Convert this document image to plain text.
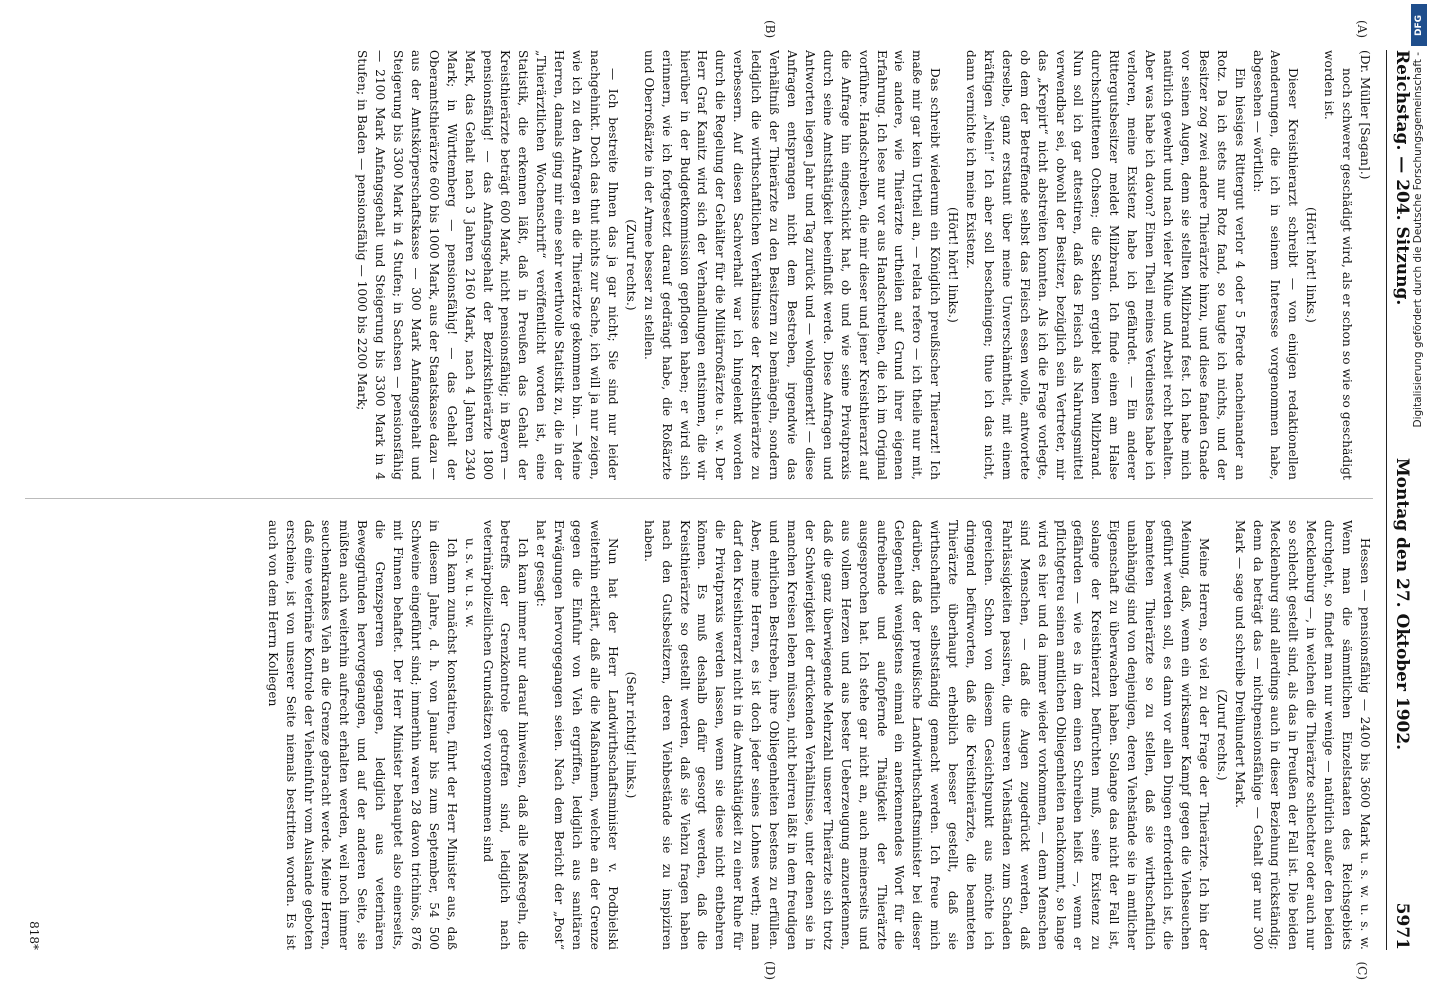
Reichstag. — 204. Sitzung.
Montag den 27. Oktober 1902.
5971
(A)
(B)
(C)
(D)

(Dr. Müller [Sagan].)

noch schwerer geschädigt wird, als er schon so wie so geschädigt worden ist.

(Hört! hört! links.)

Dieser Kreisthierarzt schreibt — von einigen redaktionellen Aenderungen, die ich in seinem Interesse vorgenommen habe, abgesehen — wörtlich:

Ein hiesiges Rittergut verlor 4 oder 5 Pferde nacheinander an Rotz. Da ich stets nur Rotz fand, so taugte ich nichts, und der Besitzer zog zwei andere Thierärzte hinzu, und diese fanden Gnade vor seinen Augen, denn sie stellten Milzbrand fest. Ich habe mich natürlich gewehrt und nach vieler Mühe und Arbeit recht behalten. Aber was habe ich davon? Einen Theil meines Verdienstes habe ich verloren, meine Existenz habe ich gefährdet. — Ein anderer Rittergutsbesitzer meldet Milzbrand. Ich finde einen am Halse durchschnittenen Ochsen; die Sektion ergiebt keinen Milzbrand. Nun soll ich gar attestiren, daß das Fleisch als Nahrungsmittel verwendbar sei, obwohl der Besitzer, bezüglich sein Vertreter, mir das „Krepirt“ nicht abstreiten konnten. Als ich die Frage vorlegte, ob dem der Betreffende selbst das Fleisch essen wolle, antwortete derselbe, ganz erstaunt über meine Unverschämtheit, mit einem kräftigen „Nein!“ Ich aber soll bescheinigen; thue ich das nicht, dann vernichte ich meine Existenz.

(Hört! hört! links.)

Das schreibt wiederum ein Königlich preußischer Thierarzt! Ich maße mir gar kein Urtheil an, — relata refero — ich theile nur mit, wie andere, wie Thierärzte urtheilen auf Grund ihrer eigenen Erfahrung. Ich lese nur vor aus Handschreiben, die ich im Original vorführe. Handschreiben, die mir dieser und jener Kreisthierarzt auf die Anfrage hin eingeschickt hat, ob und wie seine Privatpraxis durch seine Amtsthätigkeit beeinflußt werde. Diese Anfragen und Antworten liegen Jahr und Tag zurück und — wohlgemerkt! — diese Anfragen entsprangen nicht dem Bestreben, irgendwie das Verhältniß der Thierärzte zu den Besitzern zu bemängeln, sondern lediglich die wirthschaftlichen Verhältnisse der Kreisthierärzte zu verbessern. Auf diesen Sachverhalt war ich hingelenkt worden durch die Regelung der Gehälter für die Militärroßärzte u. s. w. Der Herr Graf Kanitz wird sich der Verhandlungen entsinnen, die wir hierüber in der Budgetkommission gepflogen haben; er wird sich erinnern, wie ich fortgesetzt darauf gedrängt habe, die Roßärzte und Oberroßärzte in der Armee besser zu stellen.

(Zuruf rechts.)

— Ich bestreite Ihnen das ja gar nicht; Sie sind nur leider nachgehinkt. Doch das thut nichts zur Sache, ich will ja nur zeigen, wie ich zu den Anfragen an die Thierärzte gekommen bin. — Meine Herren, damals ging mir eine sehr werthvolle Statistik zu, die in der „Thierärztlichen Wochenschrift“ veröffentlicht worden ist, eine Statistik, die erkennen läßt, daß in Preußen das Gehalt der Kreisthierärzte beträgt 600 Mark, nicht pensionsfähig; in Bayern — pensionsfähig! — das Anfangsgehalt der Bezirksthierärzte 1800 Mark, das Gehalt nach 3 Jahren 2160 Mark, nach 4 Jahren 2340 Mark; in Württemberg — pensionsfähig! — das Gehalt der Oberamtsthierärzte 600 bis 1000 Mark, aus der Staatskasse dazu — aus der Amtskörperschaftskasse — 300 Mark Anfangsgehalt und Steigerung bis 3300 Mark in 4 Stufen; in Sachsen — pensionsfähig — 2100 Mark Anfangsgehalt und Steigerung bis 3300 Mark in 4 Stufen; in Baden — pensionsfähig — 1000 bis 2200 Mark;

Hessen — pensionsfähig — 2400 bis 3600 Mark u. s. w. u. s. w. Wenn man die sämmtlichen Einzelstaaten des Reichsgebiets durchgeht, so findet man nur wenige — natürlich außer den beiden Mecklenburg —, in welchen die Thierärzte schlechter oder auch nur so schlecht gestellt sind, als das in Preußen der Fall ist. Die beiden Mecklenburg sind allerdings auch in dieser Beziehung rückständig; denn da beträgt das — nichtpensionsfähige — Gehalt gar nur 300 Mark — sage und schreibe Dreihundert Mark.

(Zuruf rechts.)

Meine Herren, so viel zu der Frage der Thierärzte. Ich bin der Meinung, daß, wenn ein wirksamer Kampf gegen die Viehseuchen geführt werden soll, es dann vor allen Dingen erforderlich ist, die beamteten Thierärzte so zu stellen, daß sie wirthschaftlich unabhängig sind von denjenigen, deren Viehstände sie in amtlicher Eigenschaft zu überwachen haben. Solange das nicht der Fall ist, solange der Kreisthierarzt befürchten muß, seine Existenz zu gefährden — wie es in dem einen Schreiben heißt —, wenn er pflichtgetreu seinen amtlichen Obliegenheiten nachkommt, so lange wird es hier und da immer wieder vorkommen, — denn Menschen sind Menschen, — daß die Augen zugedrückt werden, daß Fahrlässigkeiten passiren, die unseren Viehständen zum Schaden gereichen. Schon von diesem Gesichtspunkt aus möchte ich dringend befürworten, daß die Kreisthierärzte, die beamteten Thierärzte überhaupt erheblich besser gestellt, daß sie wirthschaftlich selbstständig gemacht werden. Ich freue mich darüber, daß der preußische Landwirthschaftsminister bei dieser Gelegenheit wenigstens einmal ein anerkennendes Wort für die aufreibende und aufopfernde Thätigkeit der Thierärzte ausgesprochen hat. Ich stehe gar nicht an, auch meinerseits und aus vollem Herzen und aus bester Ueberzeugung anzuerkennen, daß die ganz überwiegende Mehrzahl unserer Thierärzte sich trotz der Schwierigkeit der drückenden Verhältnisse, unter denen sie in manchen Kreisen leben müssen, nicht beirren läßt in dem freudigen und ehrlichen Bestreben, ihre Obliegenheiten bestens zu erfüllen. Aber, meine Herren, es ist doch jeder seines Lohnes werth; man darf den Kreisthierarzt nicht in die Amtsthätigkeit zu einer Ruhe für die Privatpraxis werden lassen, wenn sie diese nicht entbehren können. Es muß deshalb dafür gesorgt werden, daß die Kreisthierärzte so gestellt werden, daß sie Viehzu fragen haben nach den Gutsbesitzern, deren Viehbestände sie zu inspiziren haben.

(Sehr richtig! links.)

Nun hat der Herr Landwirthschaftsminister v. Podbielski weiterhin erklärt, daß alle die Maßnahmen, welche an der Grenze gegen die Einfuhr von Vieh ergriffen, lediglich aus sanitären Erwägungen hervorgegangen seien. Nach dem Bericht der „Post“ hat er gesagt:

Ich kann immer nur darauf hinweisen, daß alle Maßregeln, die betreffs der Grenzkontrole getroffen sind, lediglich nach veterinärpolizeilichen Grundsätzen vorgenommen sind

u. s. w. u. s. w.

Ich kann zunächst konstatiren, führt der Herr Minister aus, daß in diesem Jahre, d. h. von Januar bis zum September, 54 500 Schweine eingeführt sind; immerhin waren 28 davon trichinös, 876 mit Finnen behaftet. Der Herr Minister behauptet also einerseits, die Grenzsperren gegangen, lediglich aus veterinären Beweggründen hervorgegangen, und auf der anderen Seite, sie müßten auch weiterhin aufrecht erhalten werden, weil noch immer seuchenkrankes Vieh an die Grenze gebracht werde. Meine Herren, daß eine veterinäre Kontrole der Vieheinfuhr vom Auslande geboten erscheine, ist von unserer Seite niemals bestritten worden. Es ist auch von dem Herrn Kollegen

818*
DFG
Digitalisierung gefördert durch die Deutsche Forschungsgemeinschaft -
